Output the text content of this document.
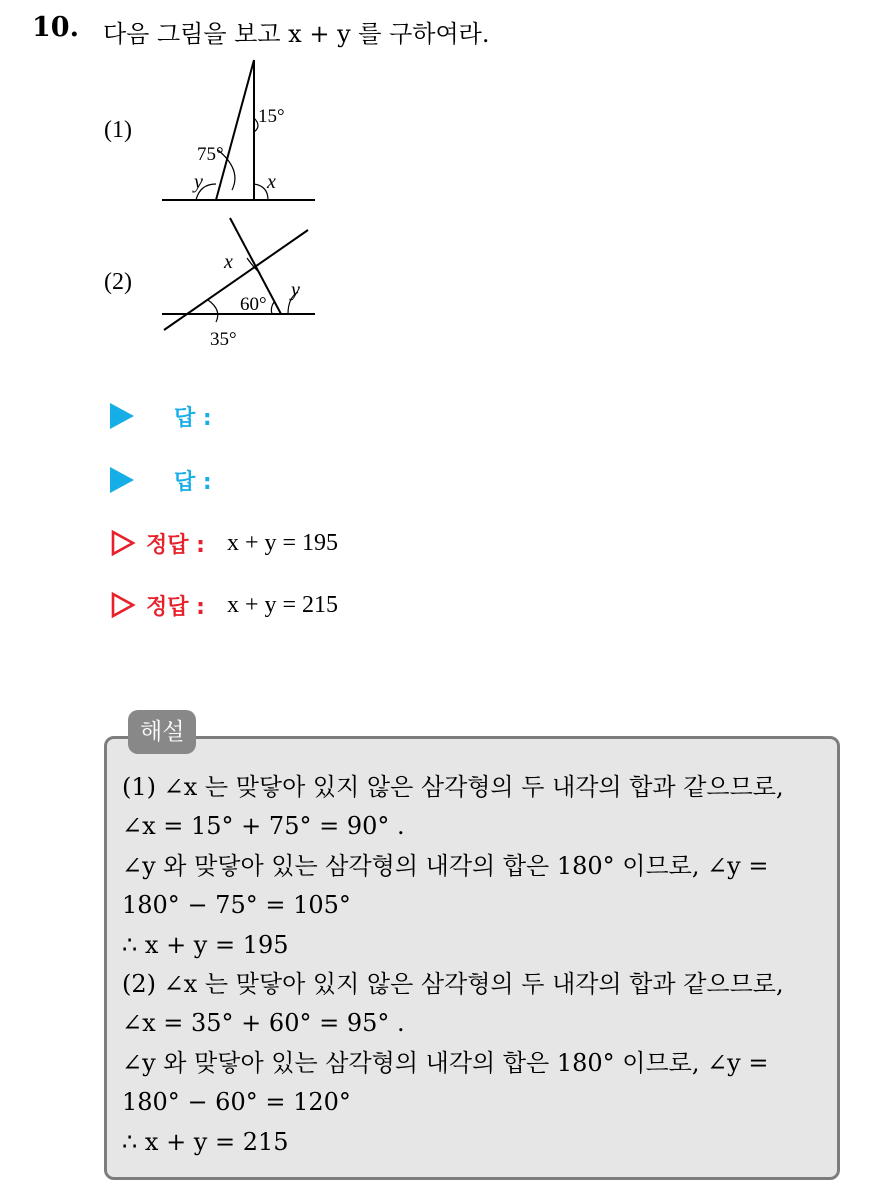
10. 다음 그림을 보고 x + y 를 구하여라.
(1)
15°
75°
y	x
(2)
x
y
60°
35°
답 :
답 :
정답 : x + y = 195
정답 : x + y = 215
해설
(1) ∠x 는 맞닿아 있지 않은 삼각형의 두 내각의 합과 같으므로,
∠x = 15° + 75° = 90° .
∠y 와 맞닿아 있는 삼각형의 내각의 합은 180° 이므로, ∠y =
180° − 75° = 105°
∴ x + y = 195
(2) ∠x 는 맞닿아 있지 않은 삼각형의 두 내각의 합과 같으므로,
∠x = 35° + 60° = 95° .
∠y 와 맞닿아 있는 삼각형의 내각의 합은 180° 이므로, ∠y =
180° − 60° = 120°
∴ x + y = 215
